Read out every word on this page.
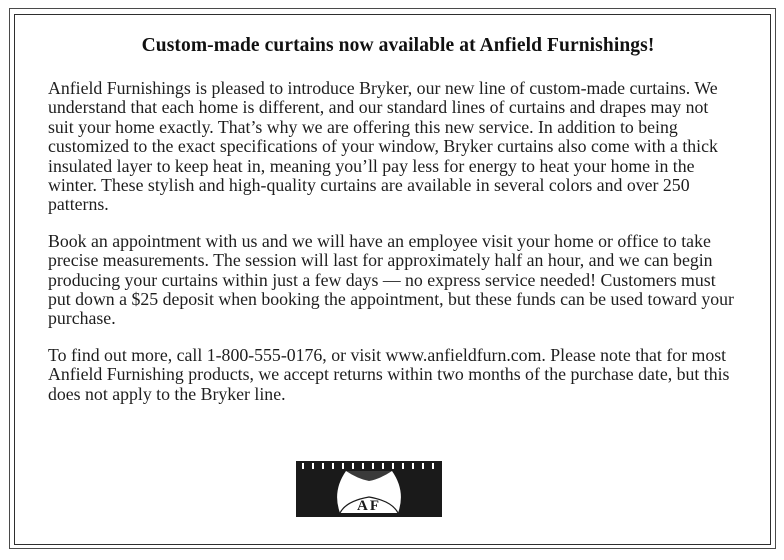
Custom-made curtains now available at Anfield Furnishings!

Anfield Furnishings is pleased to introduce Bryker, our new line of custom-made curtains. We understand that each home is different, and our standard lines of curtains and drapes may not suit your home exactly. That’s why we are offering this new service. In addition to being customized to the exact specifications of your window, Bryker curtains also come with a thick insulated layer to keep heat in, meaning you’ll pay less for energy to heat your home in the winter. These stylish and high-quality curtains are available in several colors and over 250 patterns.

Book an appointment with us and we will have an employee visit your home or office to take precise measurements. The session will last for approximately half an hour, and we can begin producing your curtains within just a few days — no express service needed! Customers must put down a $25 deposit when booking the appointment, but these funds can be used toward your purchase.

To find out more, call 1-800-555-0176, or visit www.anfieldfurn.com. Please note that for most Anfield Furnishing products, we accept returns within two months of the purchase date, but this does not apply to the Bryker line.

AF
